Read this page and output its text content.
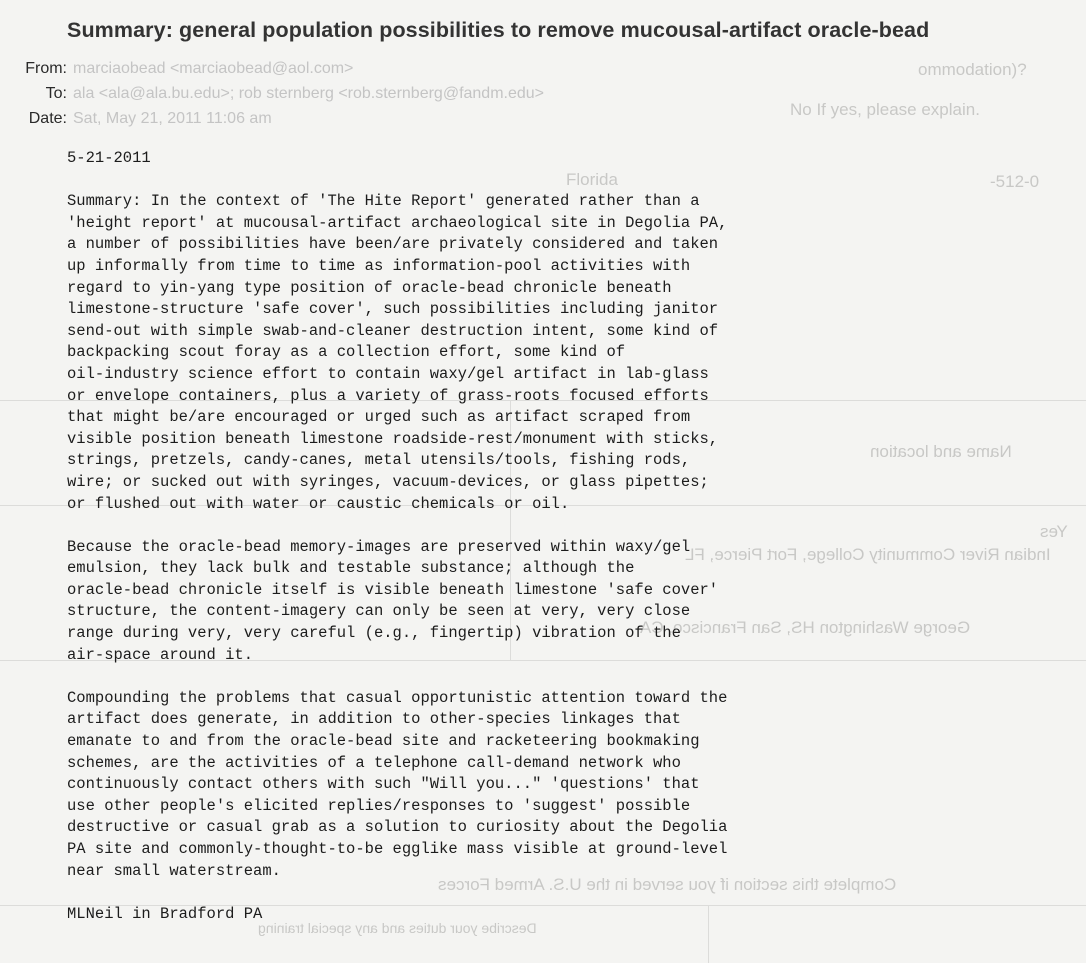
ommodation)?
No If yes, please explain.
-512-0
Florida
Name and location
Yes
Indian River Community College, Fort Pierce, FL
George Washington HS, San Francisco, CA
Complete this section if you served in the U.S. Armed Forces
Describe your duties and any special training
Summary: general population possibilities to remove mucousal-artifact oracle-bead
From: marciaobead <marciaobead@aol.com>
To: ala <ala@ala.bu.edu>; rob sternberg <rob.sternberg@fandm.edu>
Date: Sat, May 21, 2011 11:06 am
5-21-2011
Summary: In the context of 'The Hite Report' generated rather than a
'height report' at mucousal-artifact archaeological site in Degolia PA,
a number of possibilities have been/are privately considered and taken
up informally from time to time as information-pool activities with
regard to yin-yang type position of oracle-bead chronicle beneath
limestone-structure 'safe cover', such possibilities including janitor
send-out with simple swab-and-cleaner destruction intent, some kind of
backpacking scout foray as a collection effort, some kind of
oil-industry science effort to contain waxy/gel artifact in lab-glass
or envelope containers, plus a variety of grass-roots focused efforts
that might be/are encouraged or urged such as artifact scraped from
visible position beneath limestone roadside-rest/monument with sticks,
strings, pretzels, candy-canes, metal utensils/tools, fishing rods,
wire; or sucked out with syringes, vacuum-devices, or glass pipettes;
or flushed out with water or caustic chemicals or oil.
Because the oracle-bead memory-images are preserved within waxy/gel
emulsion, they lack bulk and testable substance; although the
oracle-bead chronicle itself is visible beneath limestone 'safe cover'
structure, the content-imagery can only be seen at very, very close
range during very, very careful (e.g., fingertip) vibration of the
air-space around it.
Compounding the problems that casual opportunistic attention toward the
artifact does generate, in addition to other-species linkages that
emanate to and from the oracle-bead site and racketeering bookmaking
schemes, are the activities of a telephone call-demand network who
continuously contact others with such "Will you..." 'questions' that
use other people's elicited replies/responses to 'suggest' possible
destructive or casual grab as a solution to curiosity about the Degolia
PA site and commonly-thought-to-be egglike mass visible at ground-level
near small waterstream.
MLNeil in Bradford PA
